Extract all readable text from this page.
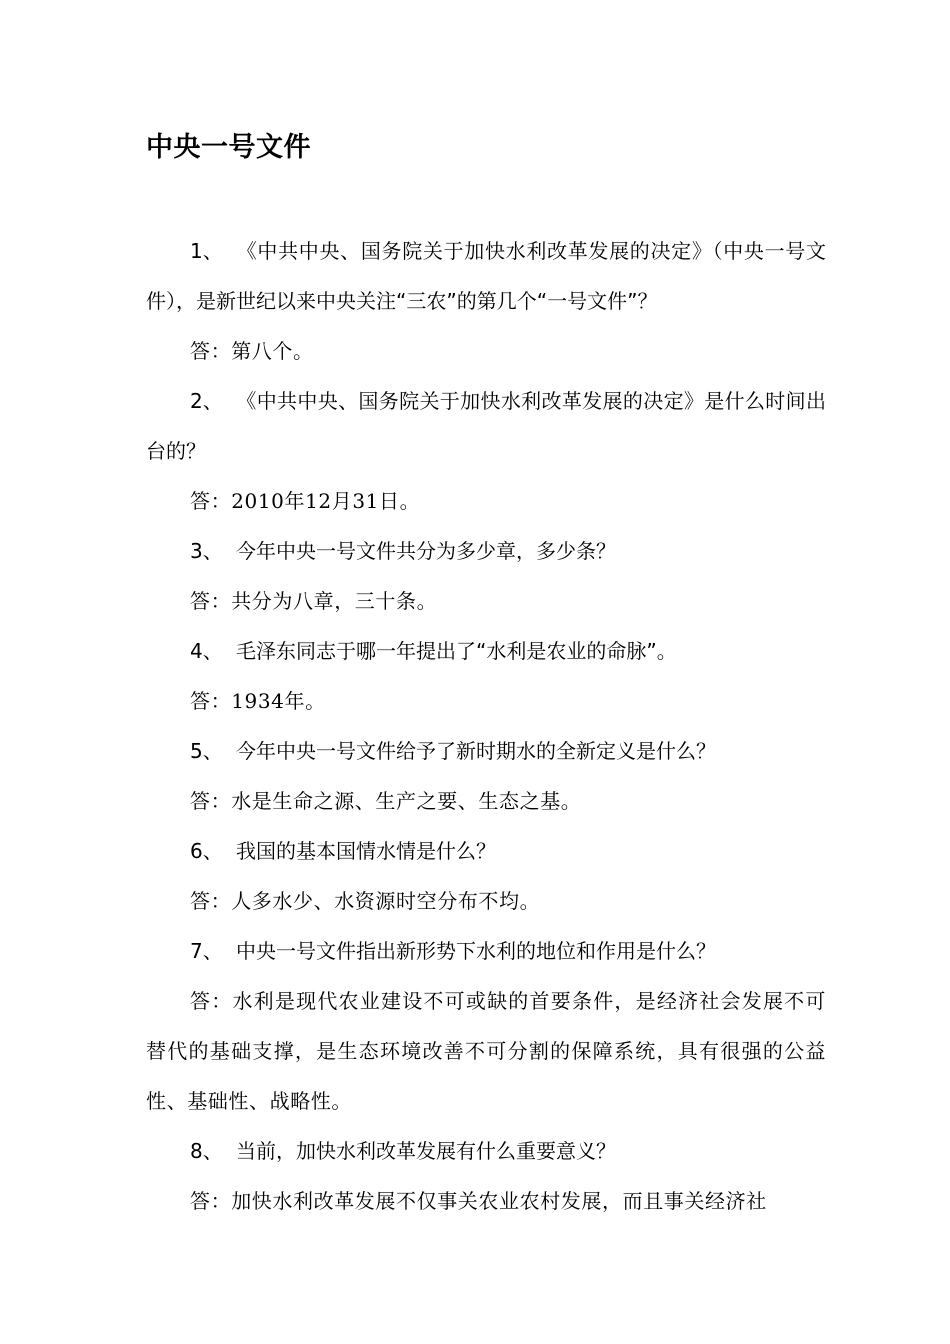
中央一号文件

1、 《中共中央、国务院关于加快水利改革发展的决定》（中央一号文件），是新世纪以来中央关注“三农”的第几个“一号文件”？

答：第八个。

2、 《中共中央、国务院关于加快水利改革发展的决定》是什么时间出台的？

答：2010年12月31日。

3、 今年中央一号文件共分为多少章，多少条？

答：共分为八章，三十条。

4、 毛泽东同志于哪一年提出了“水利是农业的命脉”。

答：1934年。

5、 今年中央一号文件给予了新时期水的全新定义是什么？

答：水是生命之源、生产之要、生态之基。

6、 我国的基本国情水情是什么？

答：人多水少、水资源时空分布不均。

7、 中央一号文件指出新形势下水利的地位和作用是什么？

答：水利是现代农业建设不可或缺的首要条件，是经济社会发展不可替代的基础支撑，是生态环境改善不可分割的保障系统，具有很强的公益性、基础性、战略性。

8、 当前，加快水利改革发展有什么重要意义？

答：加快水利改革发展不仅事关农业农村发展，而且事关经济社
